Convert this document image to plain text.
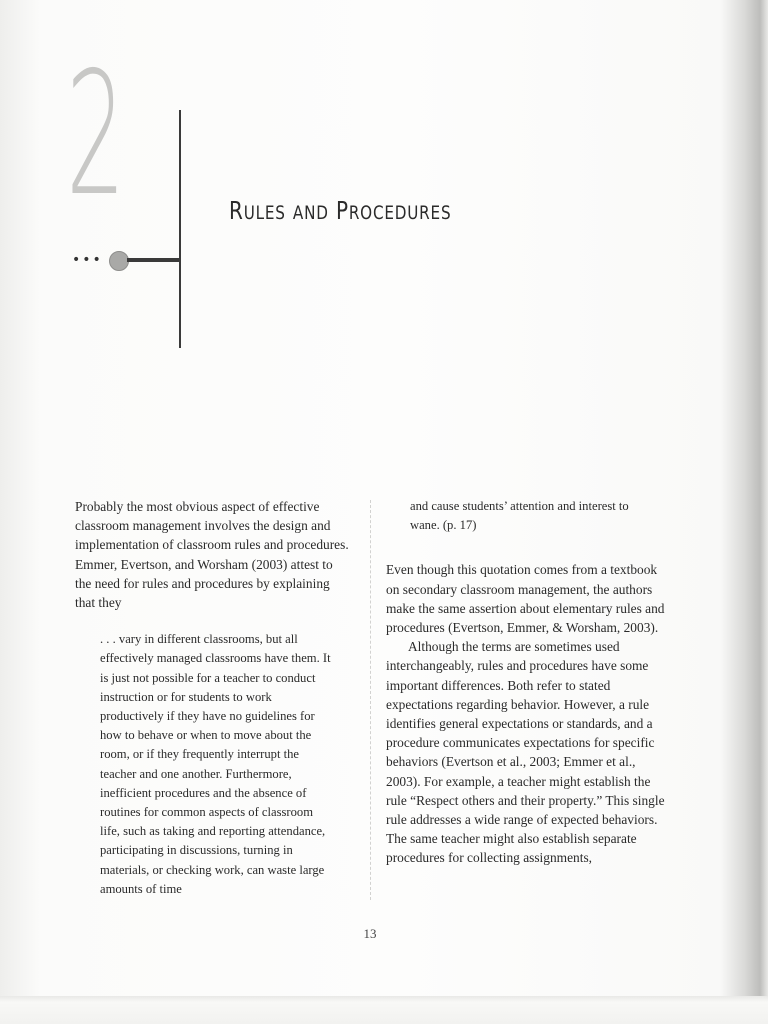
2
•••
RULES AND PROCEDURES

Probably the most obvious aspect of effective classroom management involves the design and implementation of classroom rules and procedures. Emmer, Evertson, and Worsham (2003) attest to the need for rules and procedures by explaining that they

. . . vary in different classrooms, but all effectively managed classrooms have them. It is just not possible for a teacher to conduct instruction or for students to work productively if they have no guidelines for how to behave or when to move about the room, or if they frequently interrupt the teacher and one another. Furthermore, inefficient procedures and the absence of routines for common aspects of classroom life, such as taking and reporting attendance, participating in discussions, turning in materials, or checking work, can waste large amounts of time

and cause students’ attention and interest to wane. (p. 17)

Even though this quotation comes from a textbook on secondary classroom management, the authors make the same assertion about elementary rules and procedures (Evertson, Emmer, & Worsham, 2003).

Although the terms are sometimes used interchangeably, rules and procedures have some important differences. Both refer to stated expectations regarding behavior. However, a rule identifies general expectations or standards, and a procedure communicates expectations for specific behaviors (Evertson et al., 2003; Emmer et al., 2003). For example, a teacher might establish the rule “Respect others and their property.” This single rule addresses a wide range of expected behaviors. The same teacher might also establish separate procedures for collecting assignments,

13
